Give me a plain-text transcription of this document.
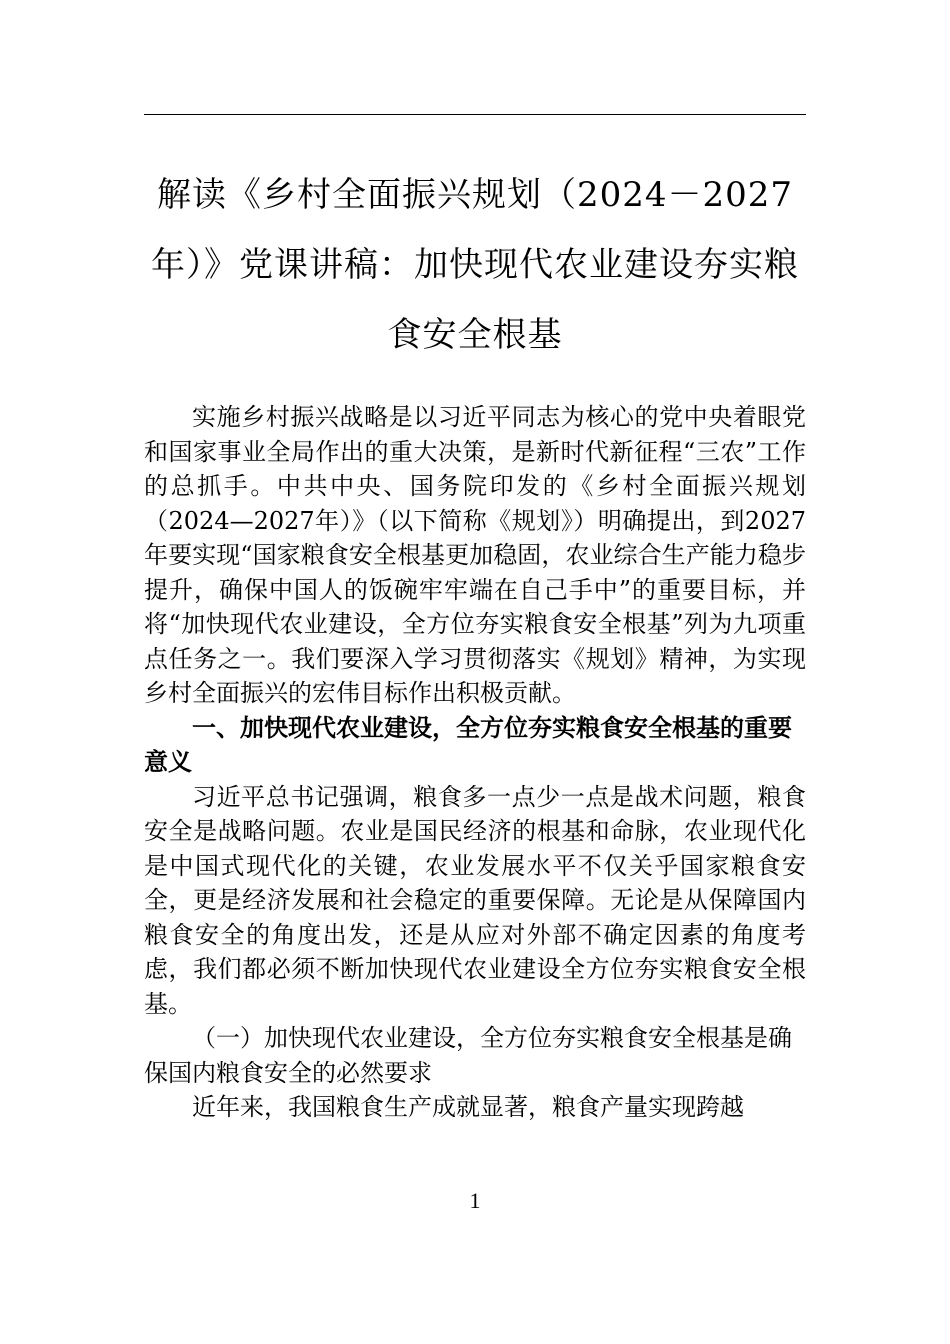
解读《乡村全面振兴规划（2024－2027年）》党课讲稿：加快现代农业建设夯实粮食安全根基

实施乡村振兴战略是以习近平同志为核心的党中央着眼党和国家事业全局作出的重大决策，是新时代新征程“三农”工作的总抓手。中共中央、国务院印发的《乡村全面振兴规划（2024—2027年）》（以下简称《规划》）明确提出，到2027年要实现“国家粮食安全根基更加稳固，农业综合生产能力稳步提升，确保中国人的饭碗牢牢端在自己手中”的重要目标，并将“加快现代农业建设，全方位夯实粮食安全根基”列为九项重点任务之一。我们要深入学习贯彻落实《规划》精神，为实现乡村全面振兴的宏伟目标作出积极贡献。

一、加快现代农业建设，全方位夯实粮食安全根基的重要意义

习近平总书记强调，粮食多一点少一点是战术问题，粮食安全是战略问题。农业是国民经济的根基和命脉，农业现代化是中国式现代化的关键，农业发展水平不仅关乎国家粮食安全，更是经济发展和社会稳定的重要保障。无论是从保障国内粮食安全的角度出发，还是从应对外部不确定因素的角度考虑，我们都必须不断加快现代农业建设全方位夯实粮食安全根基。

（一）加快现代农业建设，全方位夯实粮食安全根基是确保国内粮食安全的必然要求

近年来，我国粮食生产成就显著，粮食产量实现跨越

1
